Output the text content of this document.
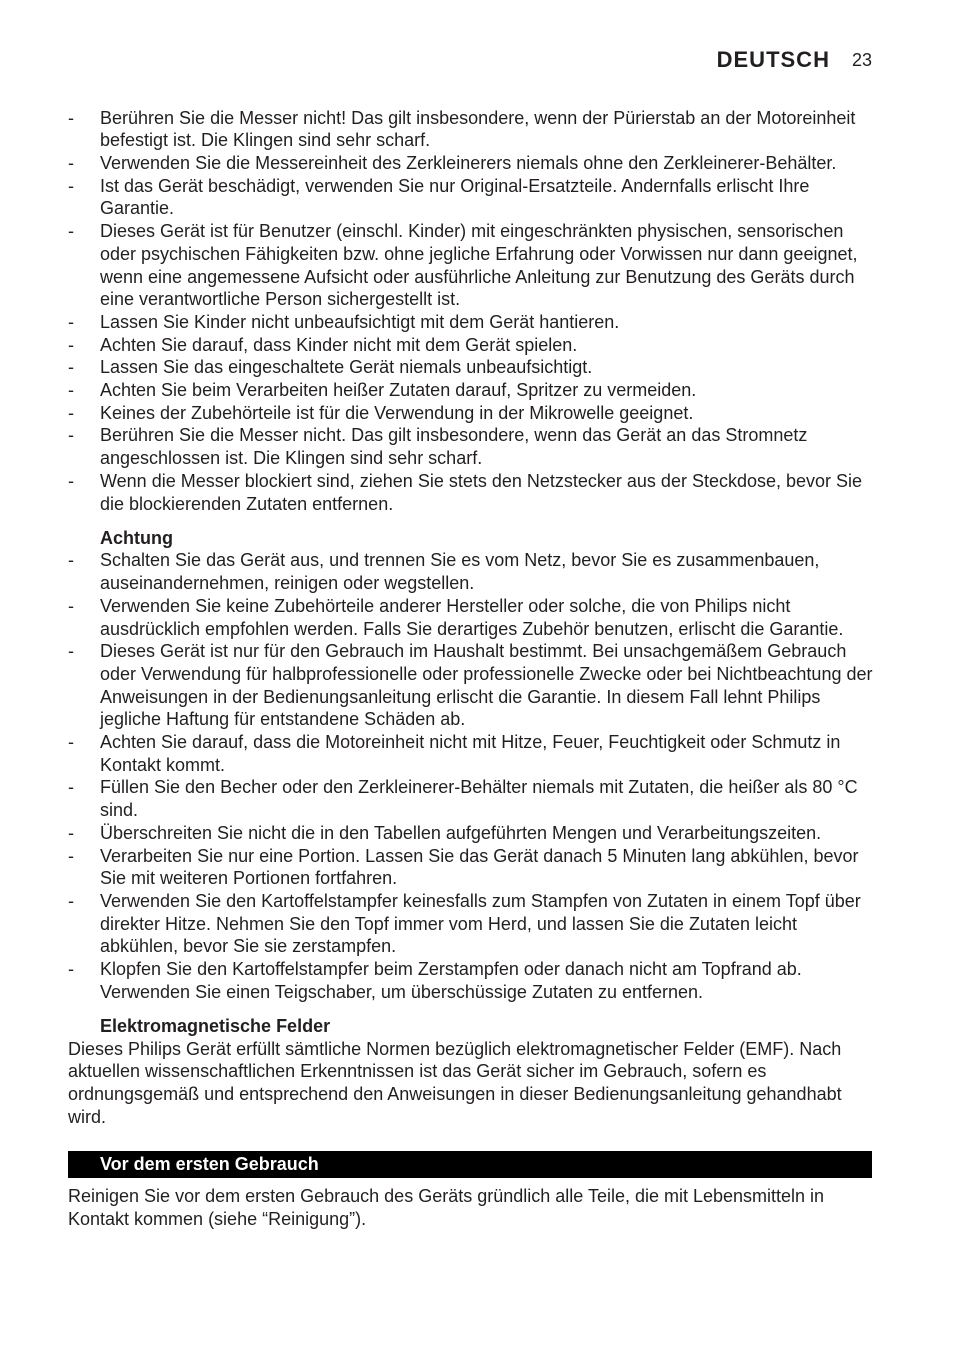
DEUTSCH 23
- Berühren Sie die Messer nicht! Das gilt insbesondere, wenn der Pürierstab an der Motoreinheit befestigt ist. Die Klingen sind sehr scharf.
- Verwenden Sie die Messereinheit des Zerkleinerers niemals ohne den Zerkleinerer-Behälter.
- Ist das Gerät beschädigt, verwenden Sie nur Original-Ersatzteile. Andernfalls erlischt Ihre Garantie.
- Dieses Gerät ist für Benutzer (einschl. Kinder) mit eingeschränkten physischen, sensorischen oder psychischen Fähigkeiten bzw. ohne jegliche Erfahrung oder Vorwissen nur dann geeignet, wenn eine angemessene Aufsicht oder ausführliche Anleitung zur Benutzung des Geräts durch eine verantwortliche Person sichergestellt ist.
- Lassen Sie Kinder nicht unbeaufsichtigt mit dem Gerät hantieren.
- Achten Sie darauf, dass Kinder nicht mit dem Gerät spielen.
- Lassen Sie das eingeschaltete Gerät niemals unbeaufsichtigt.
- Achten Sie beim Verarbeiten heißer Zutaten darauf, Spritzer zu vermeiden.
- Keines der Zubehörteile ist für die Verwendung in der Mikrowelle geeignet.
- Berühren Sie die Messer nicht. Das gilt insbesondere, wenn das Gerät an das Stromnetz angeschlossen ist. Die Klingen sind sehr scharf.
- Wenn die Messer blockiert sind, ziehen Sie stets den Netzstecker aus der Steckdose, bevor Sie die blockierenden Zutaten entfernen.
Achtung
- Schalten Sie das Gerät aus, und trennen Sie es vom Netz, bevor Sie es zusammenbauen, auseinandernehmen, reinigen oder wegstellen.
- Verwenden Sie keine Zubehörteile anderer Hersteller oder solche, die von Philips nicht ausdrücklich empfohlen werden. Falls Sie derartiges Zubehör benutzen, erlischt die Garantie.
- Dieses Gerät ist nur für den Gebrauch im Haushalt bestimmt. Bei unsachgemäßem Gebrauch oder Verwendung für halbprofessionelle oder professionelle Zwecke oder bei Nichtbeachtung der Anweisungen in der Bedienungsanleitung erlischt die Garantie. In diesem Fall lehnt Philips jegliche Haftung für entstandene Schäden ab.
- Achten Sie darauf, dass die Motoreinheit nicht mit Hitze, Feuer, Feuchtigkeit oder Schmutz in Kontakt kommt.
- Füllen Sie den Becher oder den Zerkleinerer-Behälter niemals mit Zutaten, die heißer als 80 °C sind.
- Überschreiten Sie nicht die in den Tabellen aufgeführten Mengen und Verarbeitungszeiten.
- Verarbeiten Sie nur eine Portion. Lassen Sie das Gerät danach 5 Minuten lang abkühlen, bevor Sie mit weiteren Portionen fortfahren.
- Verwenden Sie den Kartoffelstampfer keinesfalls zum Stampfen von Zutaten in einem Topf über direkter Hitze. Nehmen Sie den Topf immer vom Herd, und lassen Sie die Zutaten leicht abkühlen, bevor Sie sie zerstampfen.
- Klopfen Sie den Kartoffelstampfer beim Zerstampfen oder danach nicht am Topfrand ab. Verwenden Sie einen Teigschaber, um überschüssige Zutaten zu entfernen.
Elektromagnetische Felder

Dieses Philips Gerät erfüllt sämtliche Normen bezüglich elektromagnetischer Felder (EMF). Nach aktuellen wissenschaftlichen Erkenntnissen ist das Gerät sicher im Gebrauch, sofern es ordnungsgemäß und entsprechend den Anweisungen in dieser Bedienungsanleitung gehandhabt wird.

Vor dem ersten Gebrauch

Reinigen Sie vor dem ersten Gebrauch des Geräts gründlich alle Teile, die mit Lebensmitteln in Kontakt kommen (siehe “Reinigung”).
